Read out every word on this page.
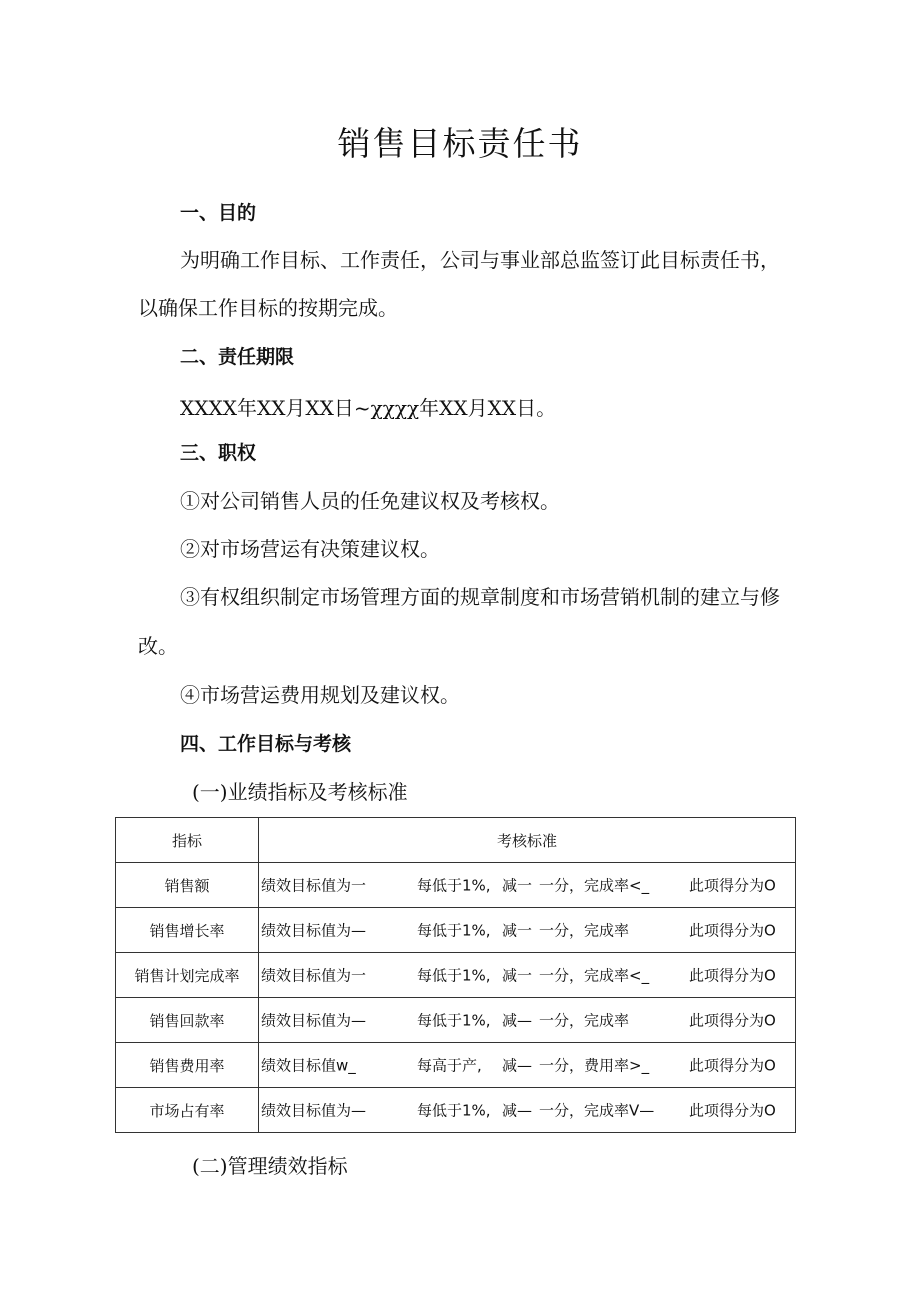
销售目标责任书
一、目的
为明确工作目标、工作责任，公司与事业部总监签订此目标责任书，
以确保工作目标的按期完成。
二、责任期限
XXXX年XX月XX日~χχχχ年XX月XX日。
三、职权
①对公司销售人员的任免建议权及考核权。
②对市场营运有决策建议权。
③有权组织制定市场管理方面的规章制度和市场营销机制的建立与修
改。
④市场营运费用规划及建议权。
四、工作目标与考核
(一)业绩指标及考核标准
指标	考核标准
销售额	绩效目标值为一 每低于1%, 减一 一分，完成率<_ 此项得分为O

销售增长率	绩效目标值为— 每低于1%, 减一 一分，完成率 此项得分为O

销售计划完成率	绩效目标值为一 每低于1%, 减一 一分，完成率<_ 此项得分为O

销售回款率	绩效目标值为— 每低于1%, 减— 一分，完成率 此项得分为O

销售费用率	绩效目标值w_ 每高于产, 减— 一分，费用率>_ 此项得分为O

市场占有率	绩效目标值为— 每低于1%, 减— 一分，完成率V— 此项得分为O
(二)管理绩效指标
